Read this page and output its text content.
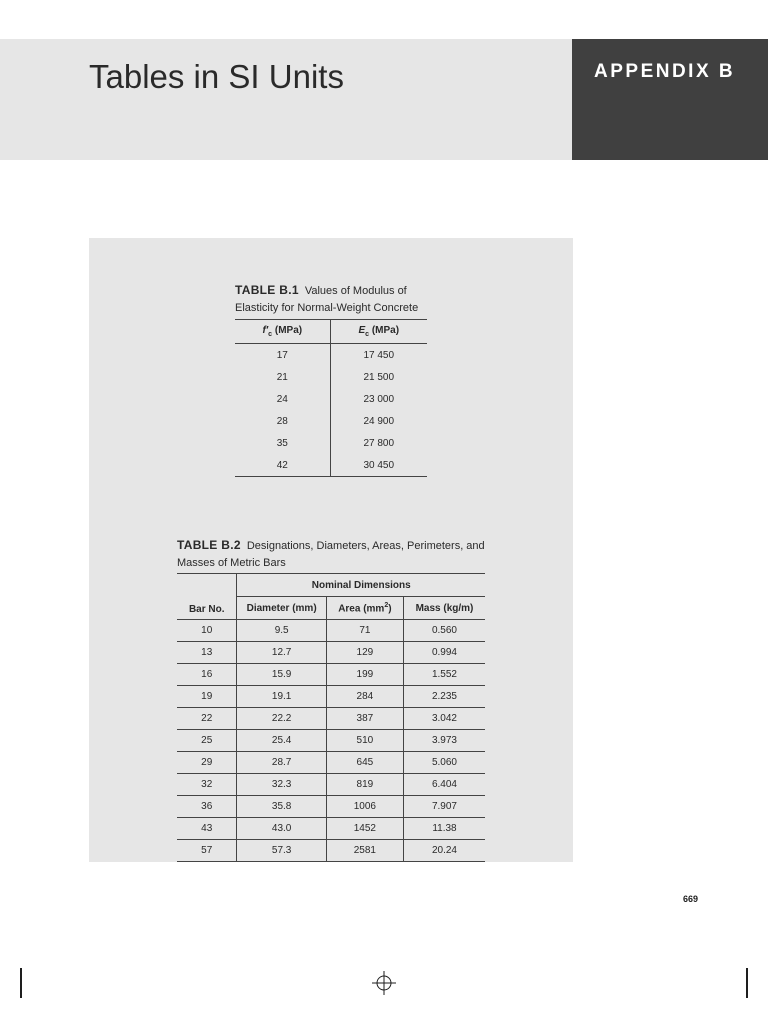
Tables in SI Units	APPENDIX B
TABLE B.1 Values of Modulus of Elasticity for Normal-Weight Concrete
$f'_c$ (MPa)	$E_c$ (MPa)
17	17 450
21	21 500
24	23 000
28	24 900
35	27 800
42	30 450
TABLE B.2 Designations, Diameters, Areas, Perimeters, and Masses of Metric Bars
Bar No.	Nominal Dimensions		
	Diameter (mm)	Area $(mm^2)$	Mass (kg/m)
10	9.5	71	0.560
13	12.7	129	0.994
16	15.9	199	1.552
19	19.1	284	2.235
22	22.2	387	3.042
25	25.4	510	3.973
29	28.7	645	5.060
32	32.3	819	6.404
36	35.8	1006	7.907
43	43.0	1452	11.38
57	57.3	2581	20.24
669
